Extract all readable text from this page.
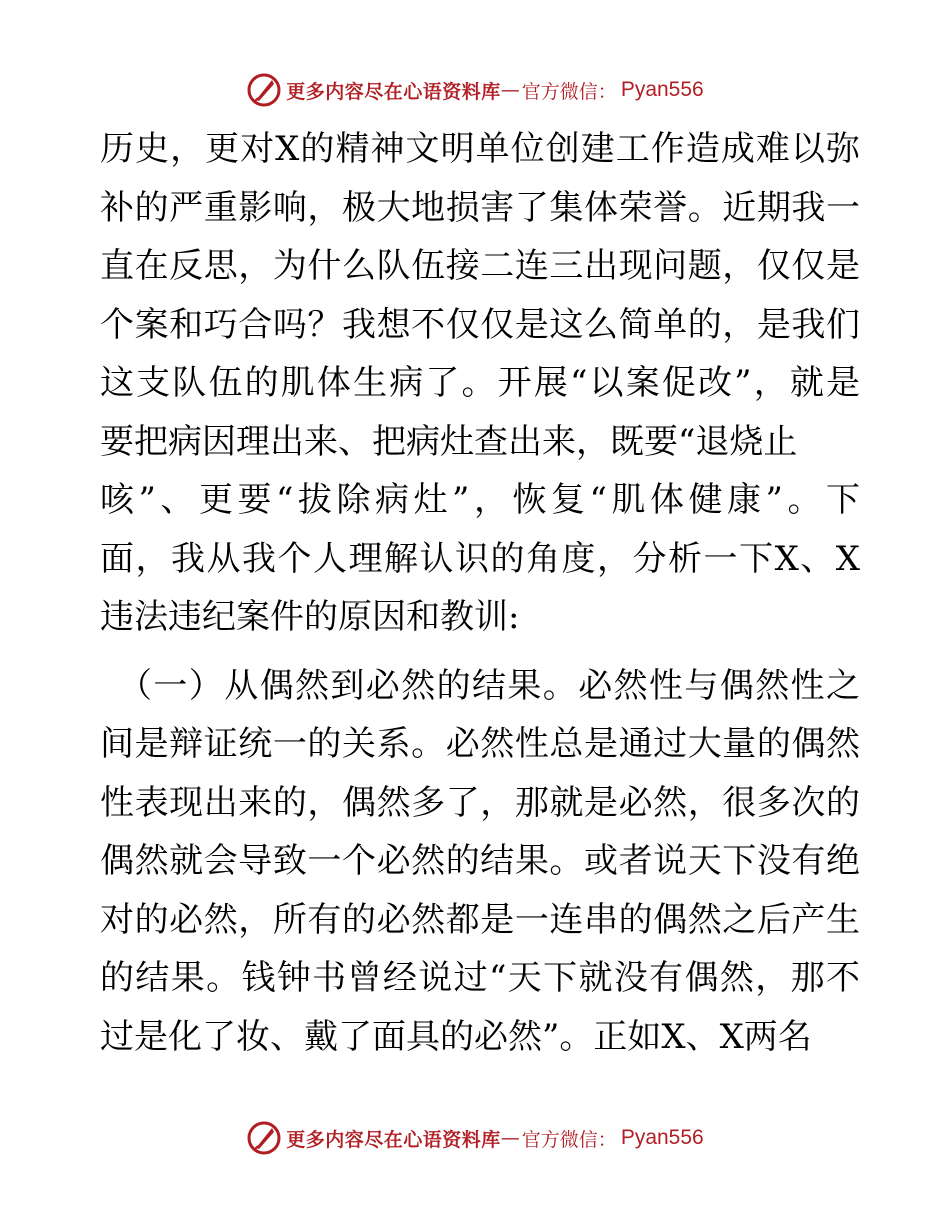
更多内容尽在心语资料库 — 官方微信： Pyan556
历史，更对X的精神文明单位创建工作造成难以弥
补的严重影响，极大地损害了集体荣誉。近期我一
直在反思，为什么队伍接二连三出现问题，仅仅是
个案和巧合吗？我想不仅仅是这么简单的，是我们
这支队伍的肌体生病了。开展“以案促改”，就是
要把病因理出来、把病灶查出来，既要“退烧止
咳”、更要“拔除病灶”，恢复“肌体健康”。下
面，我从我个人理解认识的角度，分析一下X、X
违法违纪案件的原因和教训:
（一）从偶然到必然的结果。必然性与偶然性之
间是辩证统一的关系。必然性总是通过大量的偶然
性表现出来的，偶然多了，那就是必然，很多次的
偶然就会导致一个必然的结果。或者说天下没有绝
对的必然，所有的必然都是一连串的偶然之后产生
的结果。钱钟书曾经说过“天下就没有偶然，那不
过是化了妆、戴了面具的必然”。正如X、X两名
更多内容尽在心语资料库 — 官方微信： Pyan556
